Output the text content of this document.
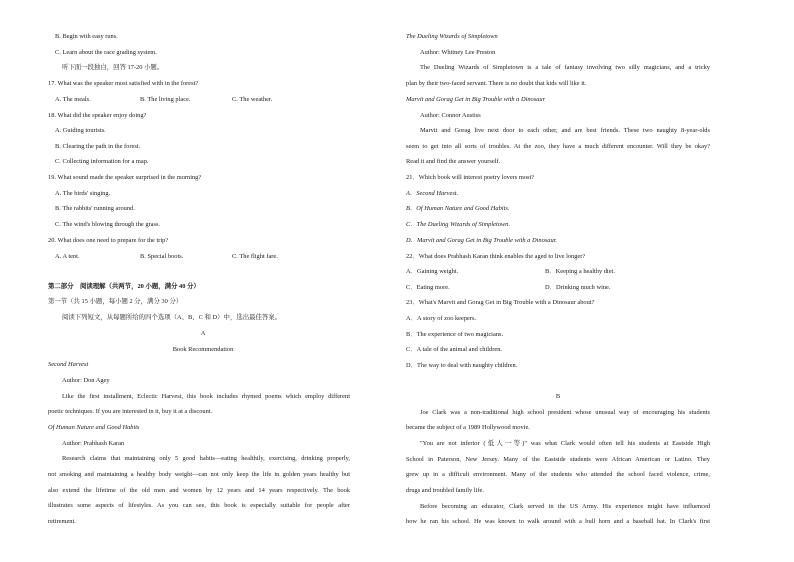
B. Begin with easy runs.
C. Learn about the race grading system.
听下面一段独白，回答 17-20 小题。
17. What was the speaker most satisfied with in the forest?
A. The meals.	B. The living place.	C. The weather.
18. What did the speaker enjoy doing?
A. Guiding tourists.
B. Clearing the path in the forest.
C. Collecting information for a map.
19. What sound made the speaker surprised in the morning?
A. The birds' singing.
B. The rabbits' running around.
C. The wind's blowing through the grass.
20. What does one need to prepare for the trip?
A. A tent.	B. Special boots.	C. The flight fare.
第二部分　阅读理解（共两节，20 小题，满分 40 分）
第一节（共 15 小题，每小题 2 分，满分 30 分）
阅读下列短文，从每题所给的四个选项（A、B、C 和 D）中，选出最佳答案。
A
Book Recommendation
Second Harvest
Author: Don Agey
Like the first installment, Eclectic Harvest, this book includes rhymed poems which employ different
poetic techniques. If you are interested in it, buy it at a discount.
Of Human Nature and Good Habits
Author: Prabhash Karan
Research claims that maintaining only 5 good habits—eating healthily, exercising, drinking properly,
not smoking and maintaining a healthy body weight—can not only keep the life in golden years healthy but
also extend the lifetime of the old men and women by 12 years and 14 years respectively. The book
illustrates some aspects of lifestyles. As you can see, this book is especially suitable for people after
retirement.
The Dueling Wizards of Simpletown
Author: Whitney Lee Preston
The Dueling Wizards of Simpletown is a tale of fantasy involving two silly magicians, and a tricky
plan by their two-faced servant. There is no doubt that kids will like it.
Marvit and Gorag Get in Big Trouble with a Dinosaur
Author: Connor Austiss
Marvit and Gorag live next door to each other, and are best friends. These two naughty 8-year-olds
seem to get into all sorts of troubles. At the zoo, they have a much different encounter. Will they be okay?
Read it and find the answer yourself.
21．Which book will interest poetry lovers most?
A．Second Harvest.
B．Of Human Nature and Good Habits.
C．The Dueling Wizards of Simpletown.
D．Marvit and Gorag Get in Big Trouble with a Dinosaur.
22．What does Prabhash Karan think enables the aged to live longer?
A．Gaining weight.	B．Keeping a healthy diet.
C．Eating more.	D．Drinking much wine.
23．What's Marvit and Gorag Get in Big Trouble with a Dinosaur about?
A．A story of zoo keepers.
B．The experience of two magicians.
C．A tale of the animal and children.
D．The way to deal with naughty children.
B
Joe Clark was a non-traditional high school president whose unusual way of encouraging his students
became the subject of a 1989 Hollywood movie.
"You are not inferior (低人一等)" was what Clark would often tell his students at Eastside High
School in Paterson, New Jersey. Many of the Eastside students were African American or Latino. They
grew up in a difficult environment. Many of the students who attended the school faced violence, crime,
drugs and troubled family life.
Before becoming an educator, Clark served in the US Army. His experience might have influenced
how he ran his school. He was known to walk around with a bull horn and a baseball bat. In Clark's first
